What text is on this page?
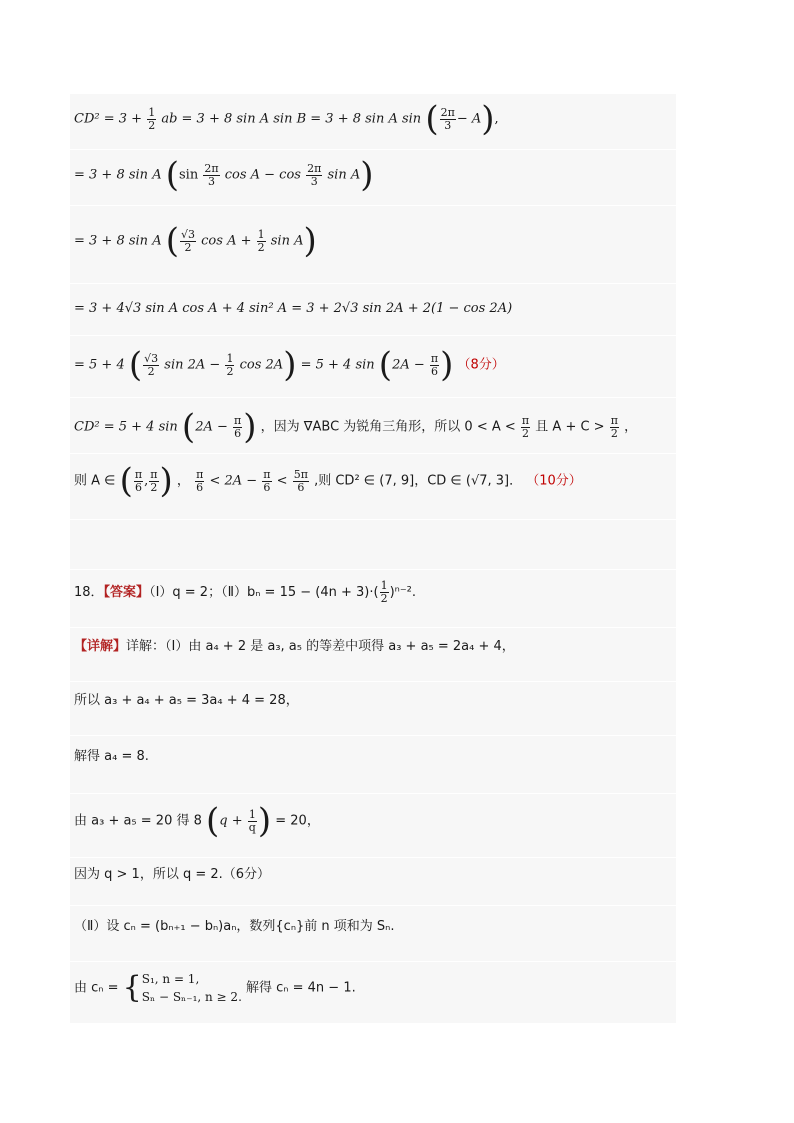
$CD^2 = 3 + \frac{1}{2}$ ab = 3 + 8 sin A sin B = 3 + 8 sin A sin ( $\frac{2\pi}{3} - A$),
= 3 + 8 sin A ($\sin \frac{2\pi}{3}$ $\cos A - \cos \frac{2\pi}{3}$ sin A)
= 3 + 8 sin A ( $\frac{√3}{2}$ $\cos A + \frac{1}{2}$ sin A)
= 3 + 4√3 sin A cos A + 4 sin² A = 3 + 2√3 sin 2A + 2(1 − cos 2A)
= 5 + 4 ( $\frac{√3}{2}$ $\sin 2A - \frac{1}{2}$ cos 2A) = 5 + 4 $\sin (2A - \frac{\pi}{6}$ ) （8分）
CD² = 5 + 4 $\sin (2A - \frac{\pi}{6}$ ) ，因为 ∇ABC 为锐角三角形，所以 $0 < A < \frac{\pi}{2}$ 且 $A + C > \frac{\pi}{2}$ ，
则 A ∈ ( $\frac{\pi}{6}$ , $\frac{\pi}{2}$ ) ， $\frac{\pi}{6} < 2A - \frac{\pi}{6} < \frac{5\pi}{6}$ ,则 CD² ∈ (7, 9]，CD ∈ (√7, 3]． （10分）
18．【答案】（Ⅰ）q = 2；（Ⅱ）bₙ = $15 - (4n + 3)\cdot( \frac{1}{2} )^{n-2}$.
【详解】详解：（Ⅰ）由 a₄ + 2 是 a₃, a₅ 的等差中项得 a₃ + a₅ = 2a₄ + 4，
所以 a₃ + a₄ + a₅ = 3a₄ + 4 = 28，
解得 a₄ = 8.
由 a₃ + a₅ = 20 得 8 ($q + \frac{1}{q}$ ) = 20，
因为 q > 1，所以 q = 2.（6分）
（Ⅱ）设 cₙ = (bₙ₊₁ − bₙ)aₙ，数列{cₙ}前 n 项和为 Sₙ.
由 cₙ = { S₁, n = 1,
Sₙ − Sₙ₋₁, n ≥ 2.
解得 cₙ = 4n − 1.
